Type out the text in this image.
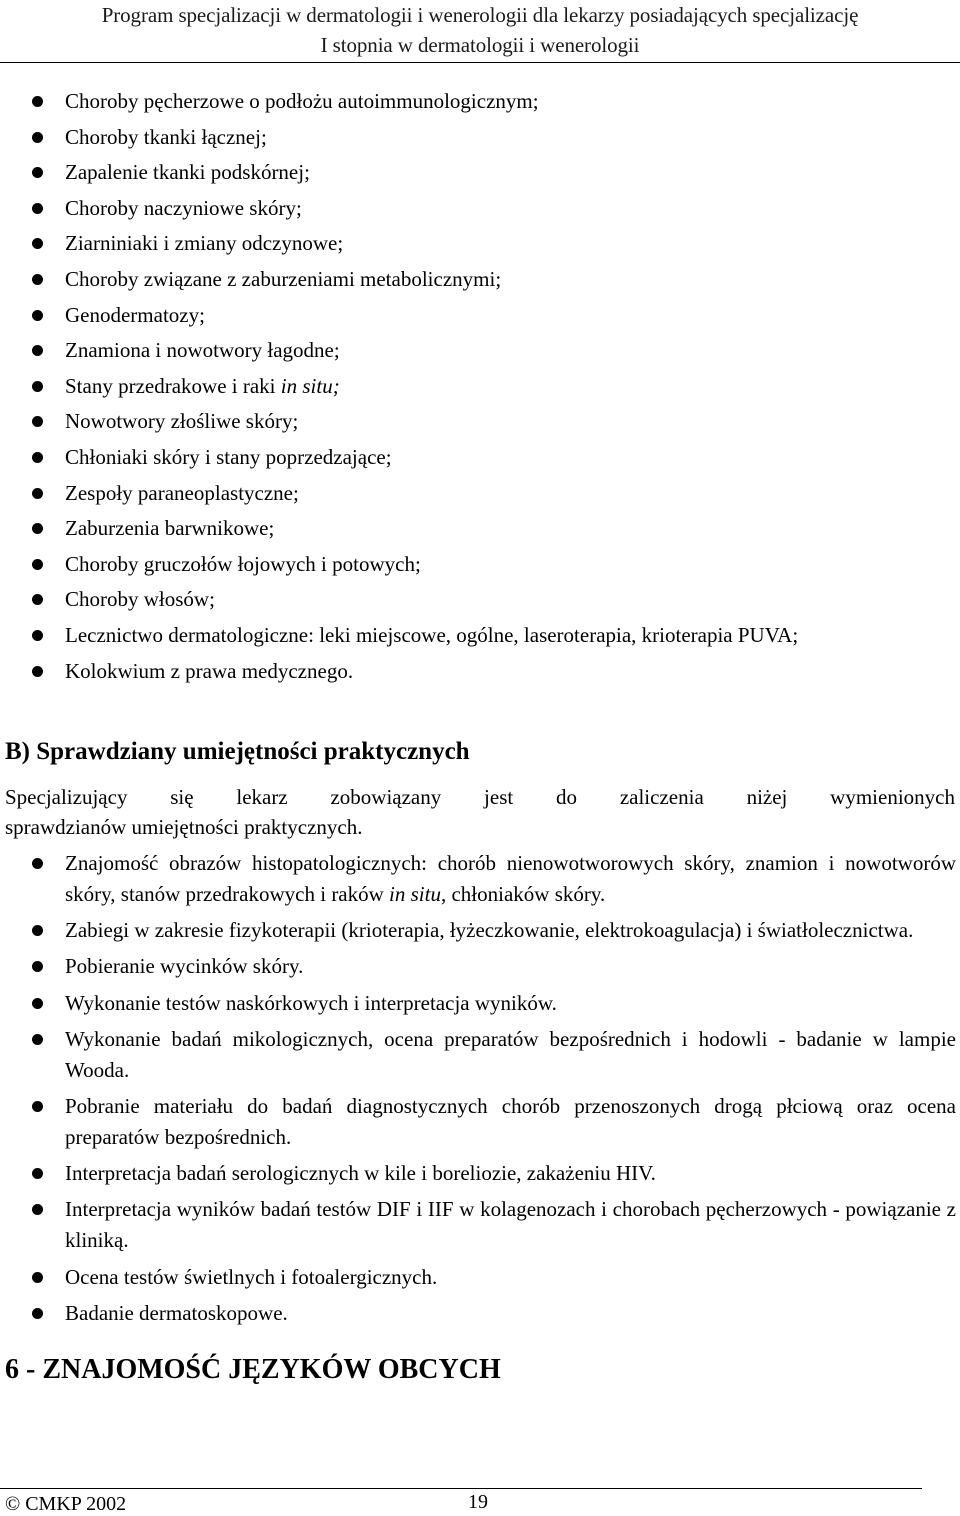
Program specjalizacji w dermatologii i wenerologii dla lekarzy posiadających specjalizację
I stopnia w dermatologii i wenerologii
Choroby pęcherzowe o podłożu autoimmunologicznym;
Choroby tkanki łącznej;
Zapalenie tkanki podskórnej;
Choroby naczyniowe skóry;
Ziarniniaki i zmiany odczynowe;
Choroby związane z zaburzeniami metabolicznymi;
Genodermatozy;
Znamiona i nowotwory łagodne;
Stany przedrakowe i raki in situ;
Nowotwory złośliwe skóry;
Chłoniaki skóry i stany poprzedzające;
Zespoły paraneoplastyczne;
Zaburzenia barwnikowe;
Choroby gruczołów łojowych i potowych;
Choroby włosów;
Lecznictwo dermatologiczne: leki miejscowe, ogólne, laseroterapia, krioterapia PUVA;
Kolokwium z prawa medycznego.
B) Sprawdziany umiejętności praktycznych

Specjalizujący się lekarz zobowiązany jest do zaliczenia niżej wymienionych
sprawdzianów umiejętności praktycznych.

Znajomość obrazów histopatologicznych: chorób nienowotworowych skóry, znamion i nowotworów skóry, stanów przedrakowych i raków in situ, chłoniaków skóry.
Zabiegi w zakresie fizykoterapii (krioterapia, łyżeczkowanie, elektrokoagulacja) i światłolecznictwa.
Pobieranie wycinków skóry.
Wykonanie testów naskórkowych i interpretacja wyników.
Wykonanie badań mikologicznych, ocena preparatów bezpośrednich i hodowli - badanie w lampie Wooda.
Pobranie materiału do badań diagnostycznych chorób przenoszonych drogą płciową oraz ocena preparatów bezpośrednich.
Interpretacja badań serologicznych w kile i boreliozie, zakażeniu HIV.
Interpretacja wyników badań testów DIF i IIF w kolagenozach i chorobach pęcherzowych - powiązanie z kliniką.
Ocena testów świetlnych i fotoalergicznych.
Badanie dermatoskopowe.
6 - ZNAJOMOŚĆ JĘZYKÓW OBCYCH
© CMKP 2002	19
